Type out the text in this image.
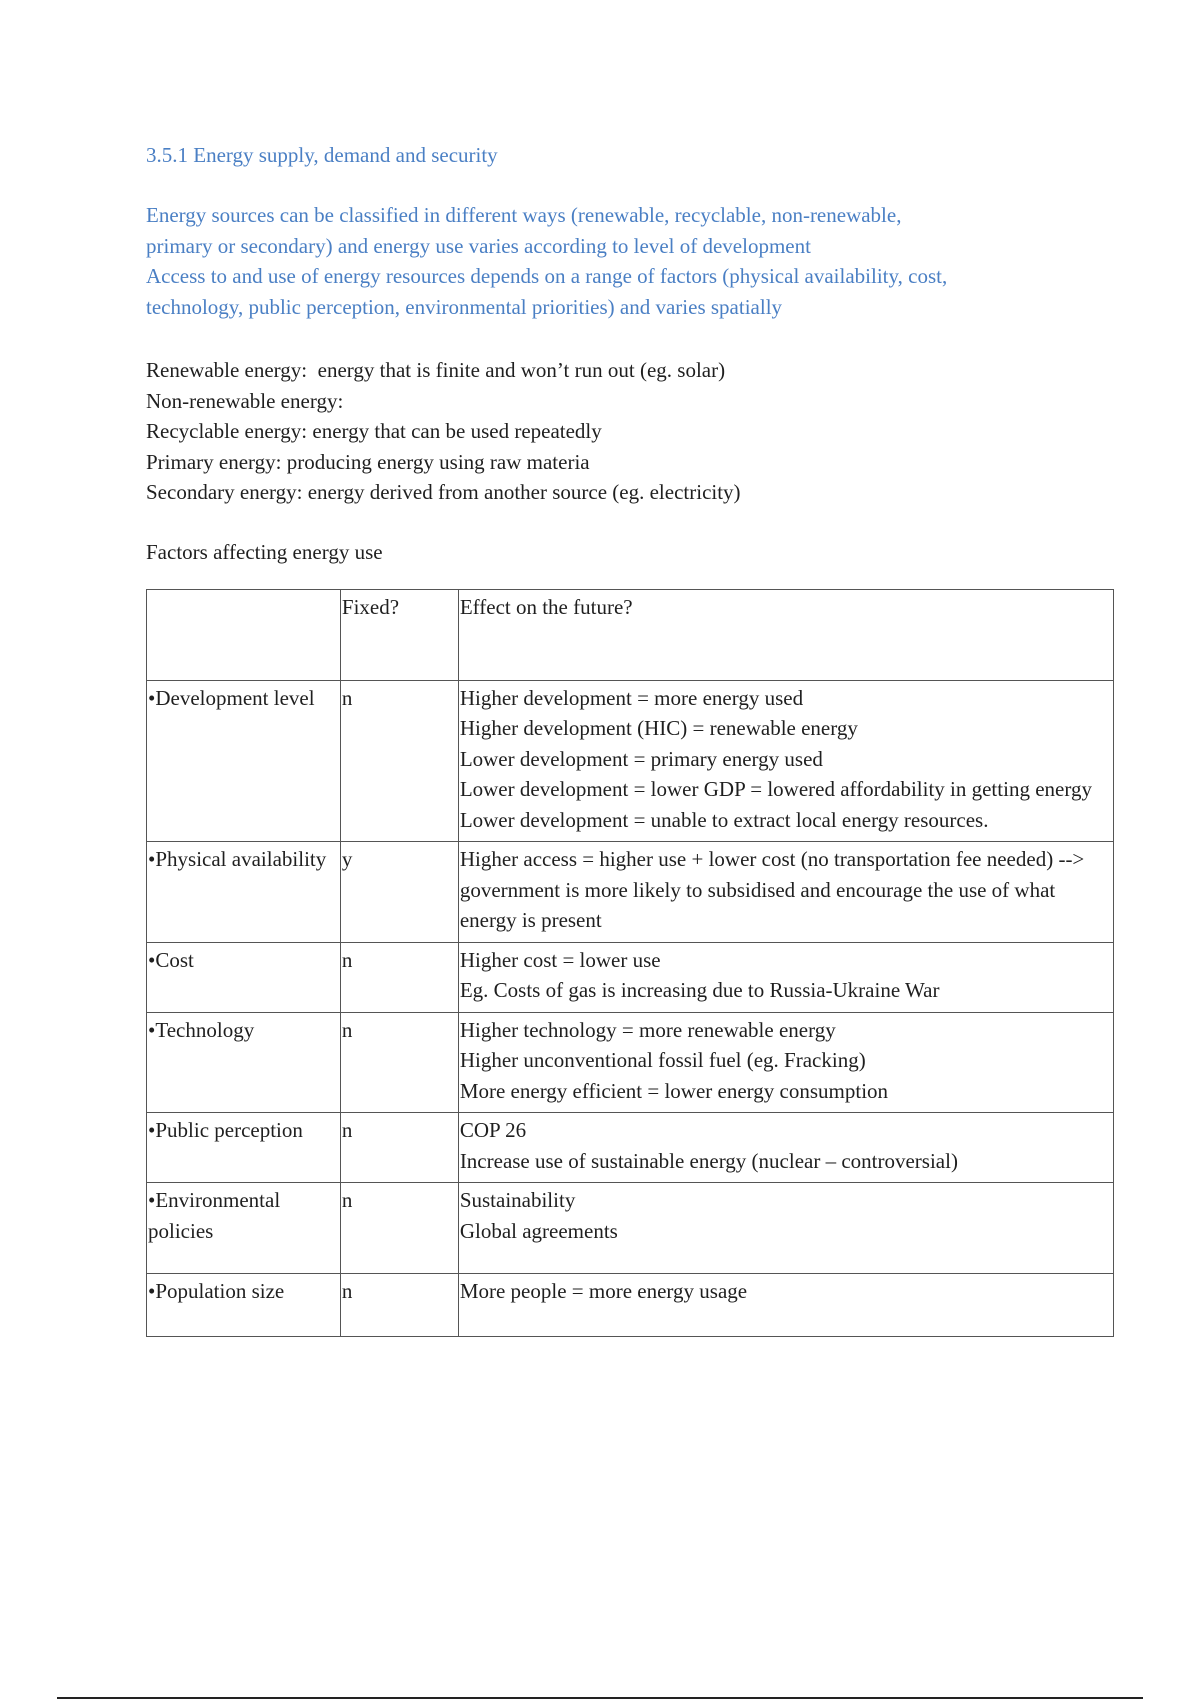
3.5.1 Energy supply, demand and security
Energy sources can be classified in different ways (renewable, recyclable, non-renewable,
primary or secondary) and energy use varies according to level of development
Access to and use of energy resources depends on a range of factors (physical availability, cost,
technology, public perception, environmental priorities) and varies spatially
Renewable energy:  energy that is finite and won’t run out (eg. solar)
Non-renewable energy:
Recyclable energy: energy that can be used repeatedly
Primary energy: producing energy using raw materia
Secondary energy: energy derived from another source (eg. electricity)
Factors affecting energy use
	Fixed?	Effect on the future?
•Development level	n	Higher development = more energy used
Higher development (HIC) = renewable energy
Lower development = primary energy used
Lower development = lower GDP = lowered affordability in getting energy
Lower development = unable to extract local energy resources.

•Physical availability	y	Higher access = higher use + lower cost (no transportation fee needed) --> government is more likely to subsidised and encourage the use of what energy is present

•Cost	n	Higher cost = lower use
Eg. Costs of gas is increasing due to Russia-Ukraine War

•Technology	n	Higher technology = more renewable energy
Higher unconventional fossil fuel (eg. Fracking)
More energy efficient = lower energy consumption

•Public perception	n	COP 26
Increase use of sustainable energy (nuclear – controversial)

•Environmental policies	n	Sustainability
Global agreements

•Population size	n	More people = more energy usage
